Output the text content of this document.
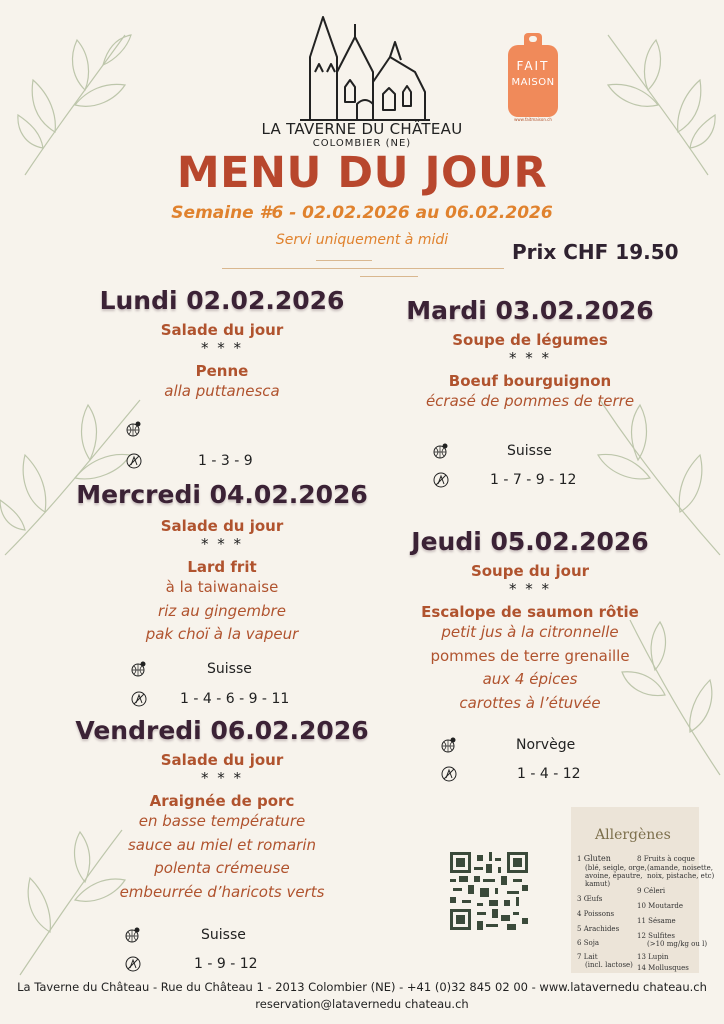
LA TAVERNE DU CHÂTEAU
COLOMBIER (NE)
FAIT
MAISON
www.faitmaison.ch
MENU DU JOUR
Semaine #6 - 02.02.2026 au 06.02.2026
Servi uniquement à midi	Prix CHF 19.50
Lundi 02.02.2026
Salade du jour
* * *
Penne
alla puttanesca
1 - 3 - 9
Mardi 03.02.2026
Soupe de légumes
* * *
Boeuf bourguignon
écrasé de pommes de terre
Suisse
1 - 7 - 9 - 12
Mercredi 04.02.2026
Salade du jour
* * *
Lard frit
à la taiwanaise
riz au gingembre
pak choï à la vapeur
Suisse
1 - 4 - 6 - 9 - 11
Jeudi 05.02.2026
Soupe du jour
* * *
Escalope de saumon rôtie
petit jus à la citronnelle
pommes de terre grenaille
aux 4 épices
carottes à l’étuvée
Norvège
1 - 4 - 12
Vendredi 06.02.2026
Salade du jour
* * *
Araignée de porc
en basse température
sauce au miel et romarin
polenta crémeuse
embeurrée d’haricots verts
Suisse
1 - 9 - 12
Allergènes
1 Gluten
(blé, seigle, orge,
avoine, épautre,
kamut)
3 Œufs
4 Poissons
5 Arachides
6 Soja
7 Lait
(incl. lactose)
8 Fruits à coque
(amande, noisette,
noix, pistache, etc)
9 Céleri
10 Moutarde
11 Sésame
12 Sulfites
(>10 mg/kg ou l)
13 Lupin
14 Mollusques
La Taverne du Château - Rue du Château 1 - 2013 Colombier (NE) - +41 (0)32 845 02 00 - www.latavernedu chateau.ch
reservation@latavernedu chateau.ch
